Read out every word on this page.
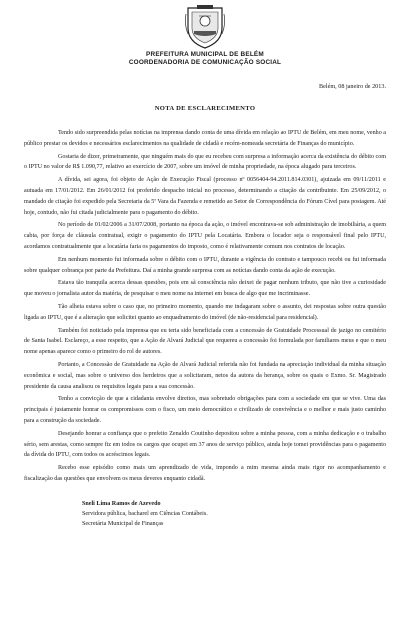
PREFEITURA MUNICIPAL DE BELÉM
COORDENADORIA DE COMUNICAÇÃO SOCIAL
Belém, 08 janeiro de 2013.
NOTA DE ESCLARECIMENTO

Tendo sido surpreendida pelas notícias na imprensa dando conta de uma dívida em relação ao IPTU de Belém, em meu nome, venho a público prestar os devidos e necessários esclarecimentos na qualidade de cidadã e recém-nomeada secretária de Finanças do município.

Gostaria de dizer, primeiramente, que ninguém mais do que eu recebeu com surpresa a informação acerca da existência do débito com o IPTU no valor de R$ 1.090,77, relativo ao exercício de 2007, sobre um imóvel de minha propriedade, na época alugado para terceiros.

A dívida, sei agora, foi objeto de Ação de Execução Fiscal (processo nº 0056404-94.2011.814.0301), ajuizada em 09/11/2011 e autuada em 17/01/2012. Em 26/01/2012 foi proferido despacho inicial no processo, determinando a citação da contribuinte. Em 25/09/2012, o mandado de citação foi expedido pela Secretaria da 5ª Vara da Fazenda e remetido ao Setor de Correspondência do Fórum Cível para postagem. Até hoje, contudo, não fui citada judicialmente para o pagamento do débito.

No período de 01/02/2006 a 31/07/2008, portanto na época da ação, o imóvel encontrava-se sob administração de imobiliária, a quem cabia, por força de cláusula contratual, exigir o pagamento do IPTU pela Locatária. Embora o locador seja o responsável final pelo IPTU, acordamos contratualmente que a locatária faria os pagamentos do imposto, como é relativamente comum nos contratos de locação.

Em nenhum momento fui informada sobre o débito com o IPTU, durante a vigência do contrato e tampouco recebi ou fui informada sobre qualquer cobrança por parte da Prefeitura. Daí a minha grande surpresa com as notícias dando conta da ação de execução.

Estava tão tranquila acerca dessas questões, pois em sã consciência não deixei de pagar nenhum tributo, que não tive a curiosidade que moveu o jornalista autor da matéria, de pesquisar o meu nome na internet em busca de algo que me incriminasse.

Tão alheia estava sobre o caso que, no primeiro momento, quando me indagaram sobre o assunto, dei respostas sobre outra questão ligada ao IPTU, que é a alteração que solicitei quanto ao enquadramento do imóvel (de não-residencial para residencial).

Também foi noticiado pela imprensa que eu teria sido beneficiada com a concessão de Gratuidade Processual de jazigo no cemitério de Santa Isabel. Esclareço, a esse respeito, que a Ação de Alvará Judicial que requereu a concessão foi formulada por familiares meus e que o meu nome apenas aparece como o primeiro do rol de autores.

Portanto, a Concessão de Gratuidade na Ação de Alvará Judicial referida não foi fundada na apreciação individual da minha situação econômica e social, mas sobre o universo dos herdeiros que a solicitaram, netos da autora da herança, sobre os quais o Exmo. Sr. Magistrado presidente da causa analisou os requisitos legais para a sua concessão.

Tenho a convicção de que a cidadania envolve direitos, mas sobretudo obrigações para com a sociedade em que se vive. Uma das principais é justamente honrar os compromissos com o fisco, um meio democrático e civilizado de convivência e o melhor e mais justo caminho para a construção da sociedade.

Desejando honrar a confiança que o prefeito Zenaldo Coutinho depositou sobre a minha pessoa, com a minha dedicação e o trabalho sério, sem arestas, como sempre fiz em todos os cargos que ocupei em 37 anos de serviço público, ainda hoje tomei providências para o pagamento da dívida do IPTU, com todos os acréscimos legais.

Recebo esse episódio como mais um aprendizado de vida, impondo a mim mesma ainda mais rigor no acompanhamento e fiscalização das questões que envolvem os meus deveres enquanto cidadã.

Sneli Lima Ramos de Azevedo
Servidora pública, bacharel em Ciências Contábeis.
Secretária Municipal de Finanças
